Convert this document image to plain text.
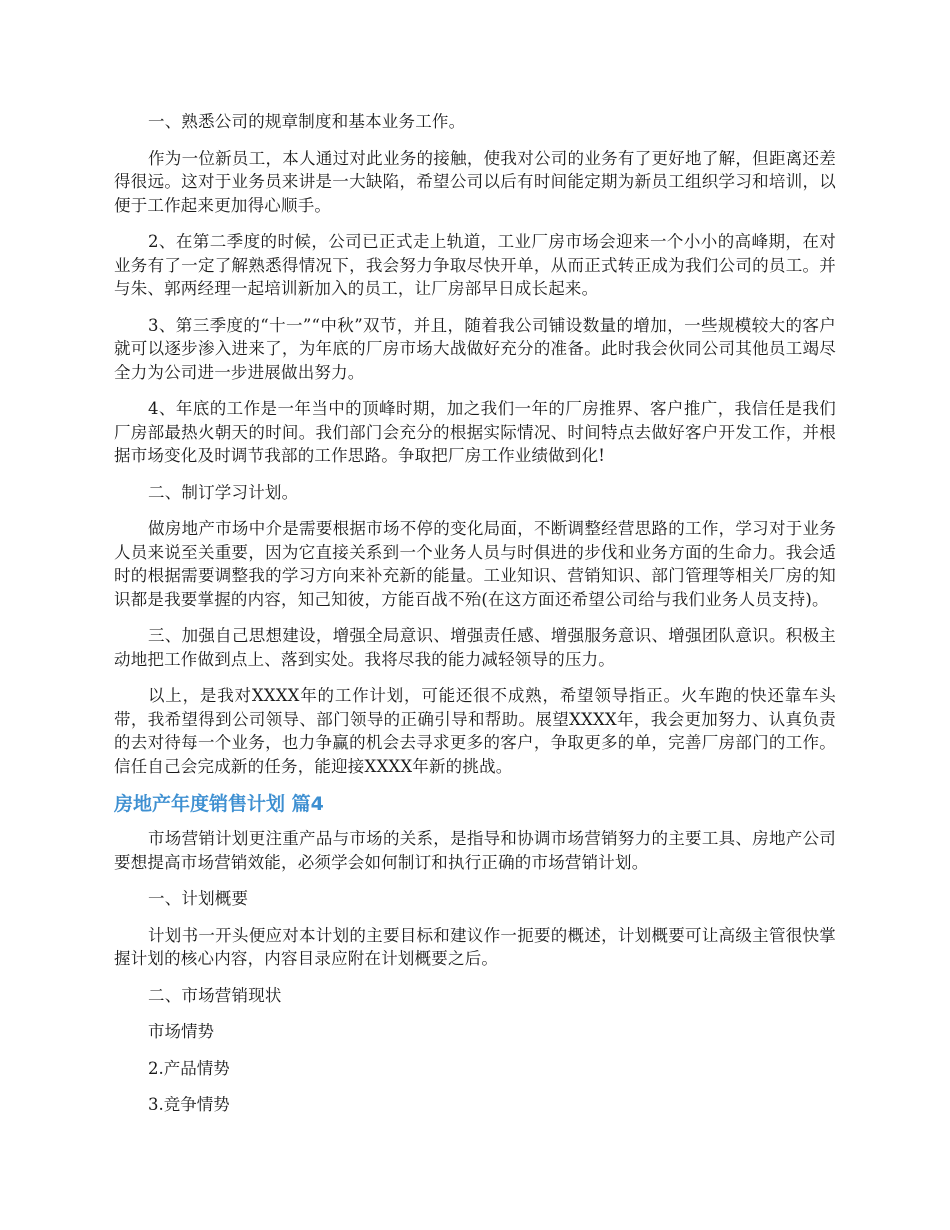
一、熟悉公司的规章制度和基本业务工作。

作为一位新员工，本人通过对此业务的接触，使我对公司的业务有了更好地了解，但距离还差得很远。这对于业务员来讲是一大缺陷，希望公司以后有时间能定期为新员工组织学习和培训，以便于工作起来更加得心顺手。

2、在第二季度的时候，公司已正式走上轨道，工业厂房市场会迎来一个小小的高峰期，在对业务有了一定了解熟悉得情况下，我会努力争取尽快开单，从而正式转正成为我们公司的员工。并与朱、郭两经理一起培训新加入的员工，让厂房部早日成长起来。

3、第三季度的“十一”“中秋”双节，并且，随着我公司铺设数量的增加，一些规模较大的客户就可以逐步渗入进来了，为年底的厂房市场大战做好充分的准备。此时我会伙同公司其他员工竭尽全力为公司进一步进展做出努力。

4、年底的工作是一年当中的顶峰时期，加之我们一年的厂房推界、客户推广，我信任是我们厂房部最热火朝天的时间。我们部门会充分的根据实际情况、时间特点去做好客户开发工作，并根据市场变化及时调节我部的工作思路。争取把厂房工作业绩做到化!

二、制订学习计划。

做房地产市场中介是需要根据市场不停的变化局面，不断调整经营思路的工作，学习对于业务人员来说至关重要，因为它直接关系到一个业务人员与时俱进的步伐和业务方面的生命力。我会适时的根据需要调整我的学习方向来补充新的能量。工业知识、营销知识、部门管理等相关厂房的知识都是我要掌握的内容，知己知彼，方能百战不殆(在这方面还希望公司给与我们业务人员支持)。

三、加强自己思想建设，增强全局意识、增强责任感、增强服务意识、增强团队意识。积极主动地把工作做到点上、落到实处。我将尽我的能力减轻领导的压力。

以上，是我对XXXX年的工作计划，可能还很不成熟，希望领导指正。火车跑的快还靠车头带，我希望得到公司领导、部门领导的正确引导和帮助。展望XXXX年，我会更加努力、认真负责的去对待每一个业务，也力争赢的机会去寻求更多的客户，争取更多的单，完善厂房部门的工作。信任自己会完成新的任务，能迎接XXXX年新的挑战。

房地产年度销售计划 篇4

市场营销计划更注重产品与市场的关系，是指导和协调市场营销努力的主要工具、房地产公司要想提高市场营销效能，必须学会如何制订和执行正确的市场营销计划。

一、计划概要

计划书一开头便应对本计划的主要目标和建议作一扼要的概述，计划概要可让高级主管很快掌握计划的核心内容，内容目录应附在计划概要之后。

二、市场营销现状

市场情势

2.产品情势

3.竞争情势
